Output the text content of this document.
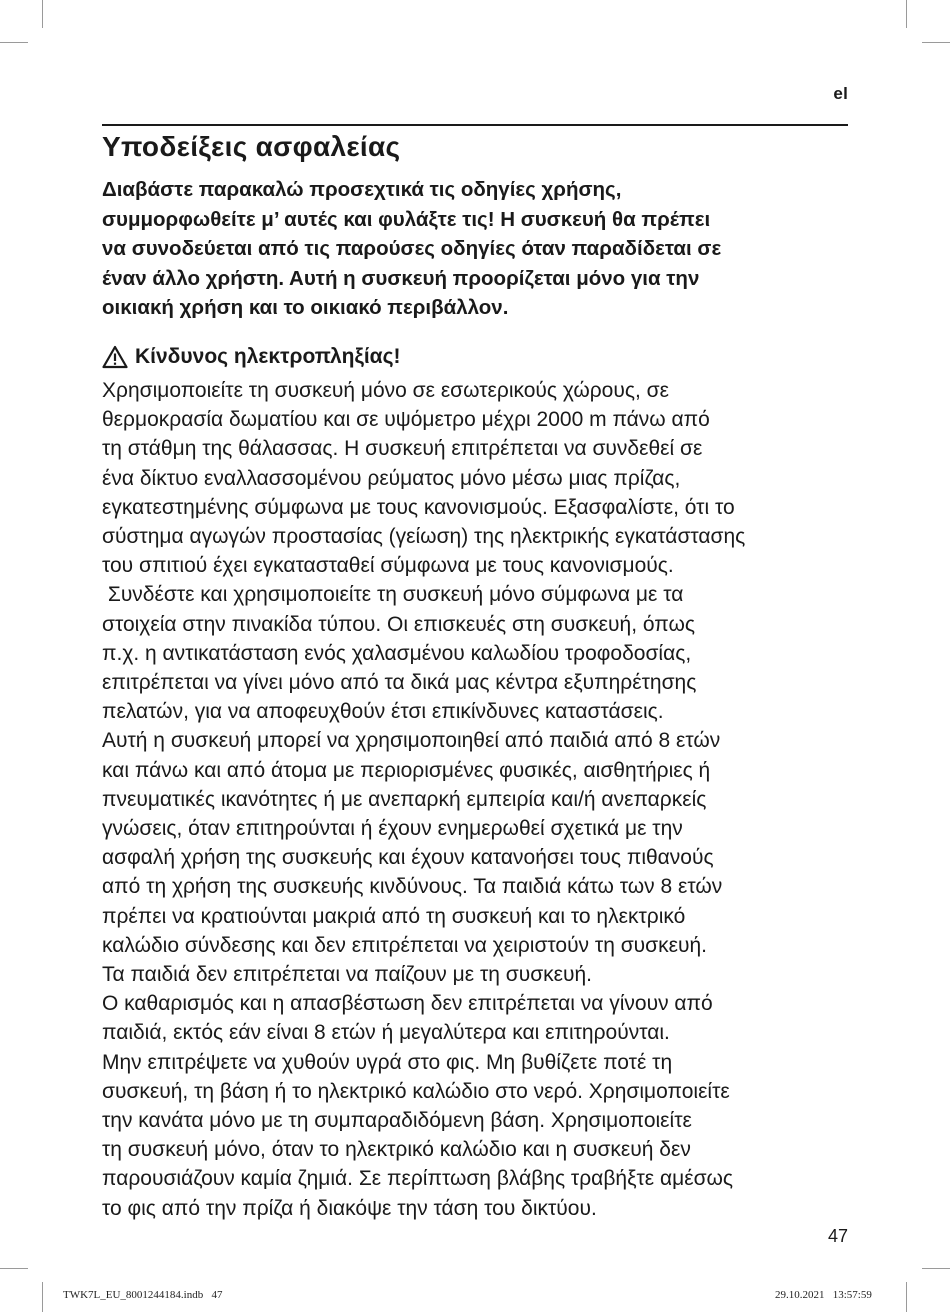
el
Υποδείξεις ασφαλείας
Διαβάστε παρακαλώ προσεχτικά τις οδηγίες χρήσης,
συμμορφωθείτε μ’ αυτές και φυλάξτε τις! Η συσκευή θα πρέπει
να συνοδεύεται από τις παρούσες οδηγίες όταν παραδίδεται σε
έναν άλλο χρήστη. Αυτή η συσκευή προορίζεται μόνο για την
οικιακή χρήση και το οικιακό περιβάλλον.
Κίνδυνος ηλεκτροπληξίας!
Χρησιμοποιείτε τη συσκευή μόνο σε εσωτερικούς χώρους, σε
θερμοκρασία δωματίου και σε υψόμετρο μέχρι 2000 m πάνω από
τη στάθμη της θάλασσας. Η συσκευή επιτρέπεται να συνδεθεί σε
ένα δίκτυο εναλλασσομένου ρεύματος μόνο μέσω μιας πρίζας,
εγκατεστημένης σύμφωνα με τους κανονισμούς. Εξασφαλίστε, ότι το
σύστημα αγωγών προστασίας (γείωση) της ηλεκτρικής εγκατάστασης
του σπιτιού έχει εγκατασταθεί σύμφωνα με τους κανονισμούς.
Συνδέστε και χρησιμοποιείτε τη συσκευή μόνο σύμφωνα με τα
στοιχεία στην πινακίδα τύπου. Οι επισκευές στη συσκευή, όπως
π.χ. η αντικατάσταση ενός χαλασμένου καλωδίου τροφοδοσίας,
επιτρέπεται να γίνει μόνο από τα δικά μας κέντρα εξυπηρέτησης
πελατών, για να αποφευχθούν έτσι επικίνδυνες καταστάσεις.
Αυτή η συσκευή μπορεί να χρησιμοποιηθεί από παιδιά από 8 ετών
και πάνω και από άτομα με περιορισμένες φυσικές, αισθητήριες ή
πνευματικές ικανότητες ή με ανεπαρκή εμπειρία και/ή ανεπαρκείς
γνώσεις, όταν επιτηρούνται ή έχουν ενημερωθεί σχετικά με την
ασφαλή χρήση της συσκευής και έχουν κατανοήσει τους πιθανούς
από τη χρήση της συσκευής κινδύνους. Τα παιδιά κάτω των 8 ετών
πρέπει να κρατιούνται μακριά από τη συσκευή και το ηλεκτρικό
καλώδιο σύνδεσης και δεν επιτρέπεται να χειριστούν τη συσκευή.
Τα παιδιά δεν επιτρέπεται να παίζουν με τη συσκευή.
Ο καθαρισμός και η απασβέστωση δεν επιτρέπεται να γίνουν από
παιδιά, εκτός εάν είναι 8 ετών ή μεγαλύτερα και επιτηρούνται.
Μην επιτρέψετε να χυθούν υγρά στο φις. Μη βυθίζετε ποτέ τη
συσκευή, τη βάση ή το ηλεκτρικό καλώδιο στο νερό. Χρησιμοποιείτε
την κανάτα μόνο με τη συμπαραδιδόμενη βάση. Χρησιμοποιείτε
τη συσκευή μόνο, όταν το ηλεκτρικό καλώδιο και η συσκευή δεν
παρουσιάζουν καμία ζημιά. Σε περίπτωση βλάβης τραβήξτε αμέσως
το φις από την πρίζα ή διακόψε την τάση του δικτύου.
47
TWK7L_EU_8001244184.indb   47	29.10.2021   13:57:59
